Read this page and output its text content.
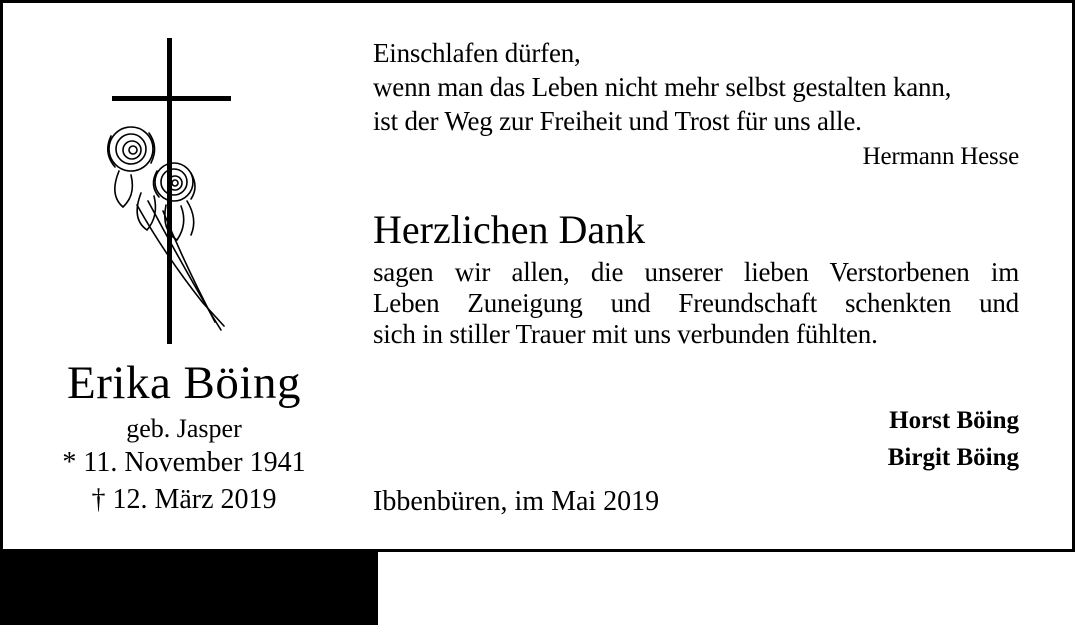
Erika Böing
geb. Jasper
* 11. November 1941
† 12. März 2019
Einschlafen dürfen,
wenn man das Leben nicht mehr selbst gestalten kann,
ist der Weg zur Freiheit und Trost für uns alle.
Hermann Hesse
Herzlichen Dank
sagen wir allen, die unserer lieben Verstorbenen im
Leben Zuneigung und Freundschaft schenkten und
sich in stiller Trauer mit uns verbunden fühlten.
Horst Böing
Birgit Böing
Ibbenbüren, im Mai 2019
